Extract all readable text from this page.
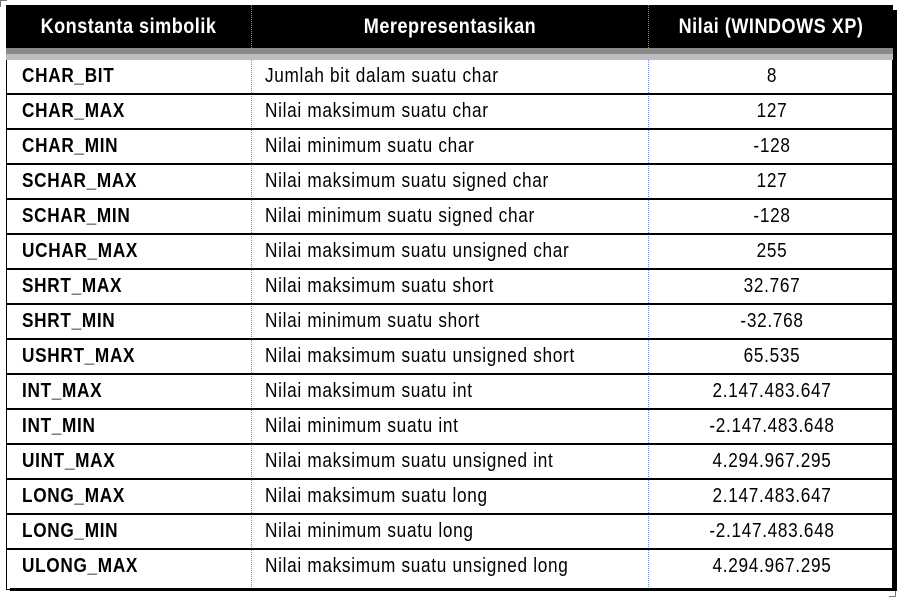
Konstanta simbolik	Merepresentasikan	Nilai (WINDOWS XP)
CHAR_BIT	Jumlah bit dalam suatu char	8
CHAR_MAX	Nilai maksimum suatu char	127
CHAR_MIN	Nilai minimum suatu char	-128
SCHAR_MAX	Nilai maksimum suatu signed char	127
SCHAR_MIN	Nilai minimum suatu signed char	-128
UCHAR_MAX	Nilai maksimum suatu unsigned char	255
SHRT_MAX	Nilai maksimum suatu short	32.767
SHRT_MIN	Nilai minimum suatu short	-32.768
USHRT_MAX	Nilai maksimum suatu unsigned short	65.535
INT_MAX	Nilai maksimum suatu int	2.147.483.647
INT_MIN	Nilai minimum suatu int	-2.147.483.648
UINT_MAX	Nilai maksimum suatu unsigned int	4.294.967.295
LONG_MAX	Nilai maksimum suatu long	2.147.483.647
LONG_MIN	Nilai minimum suatu long	-2.147.483.648
ULONG_MAX	Nilai maksimum suatu unsigned long	4.294.967.295
